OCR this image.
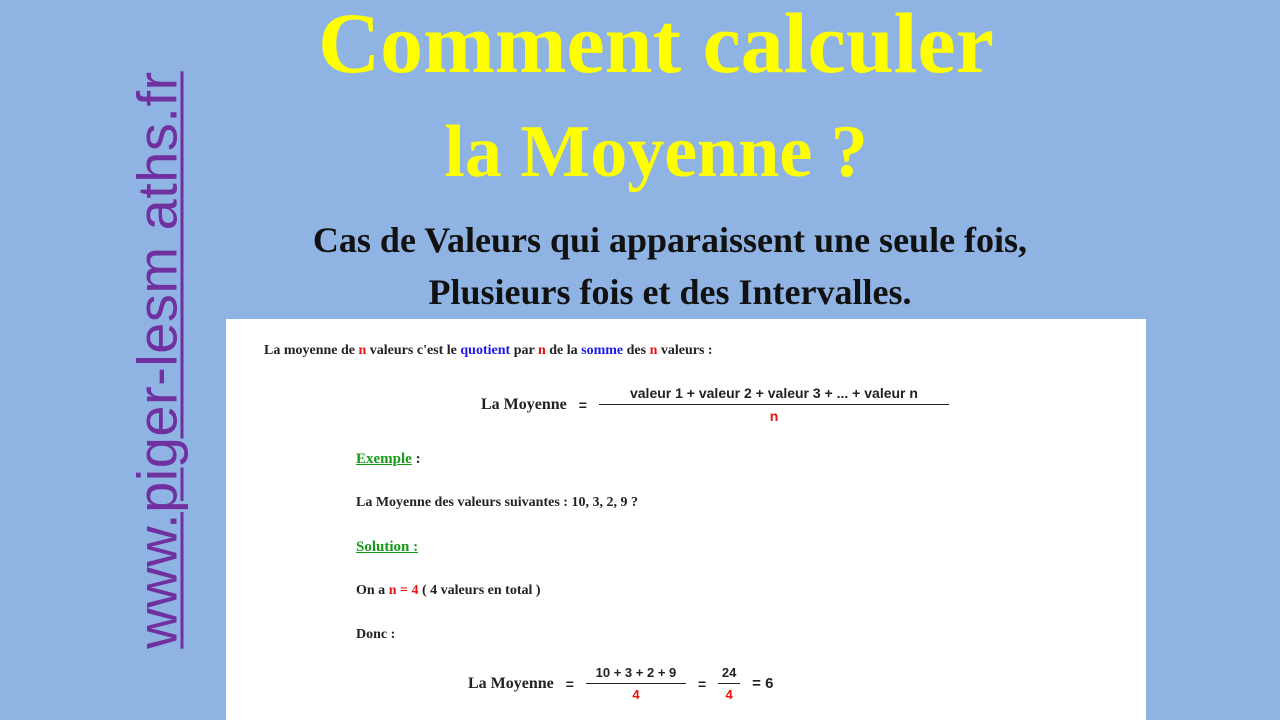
www.piger-lesm aths.fr
Comment calculer
la Moyenne ?
Cas de Valeurs qui apparaissent une seule fois,
Plusieurs fois et des Intervalles.
La moyenne de n valeurs c'est le quotient par n de la somme des n valeurs :
La Moyenne = $\frac{\text{valeur 1 + valeur 2 + valeur 3 + ... + valeur n}}{n}$
Exemple :
La Moyenne des valeurs suivantes : 10, 3, 2, 9 ?
Solution :
On a n = 4 ( 4 valeurs en total )
Donc :
La Moyenne = $\frac{10 + 3 + 2 + 9}{4} = \frac{24}{4} = 6$
